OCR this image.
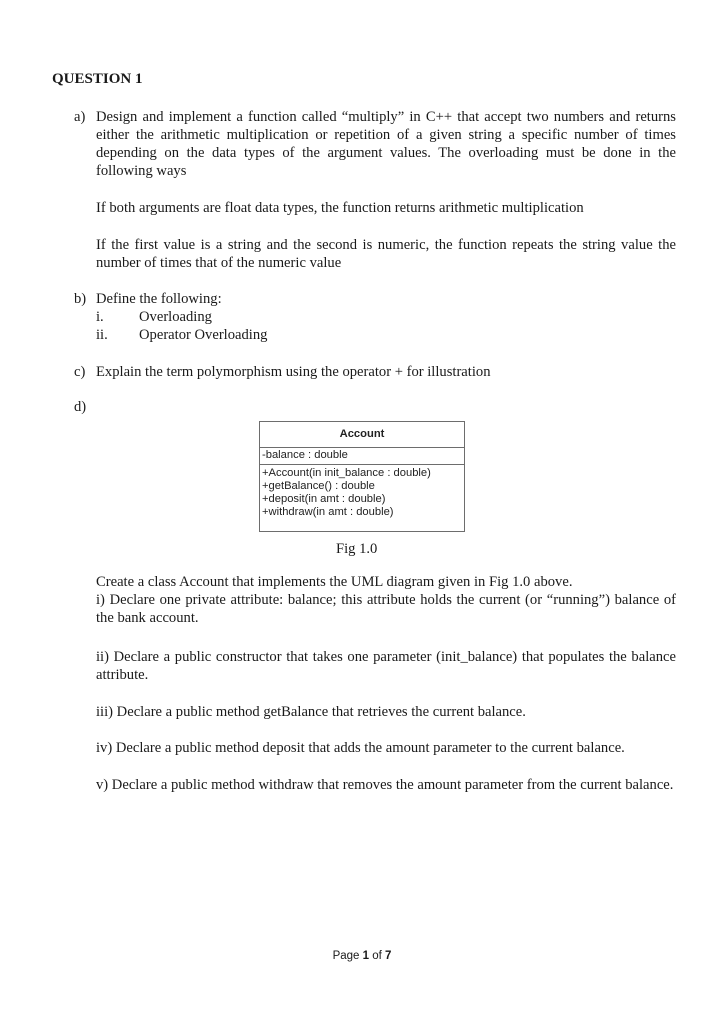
QUESTION 1
a) Design and implement a function called “multiply” in C++ that accept two numbers and returns either the arithmetic multiplication or repetition of a given string a specific number of times depending on the data types of the argument values. The overloading must be done in the following ways
If both arguments are float data types, the function returns arithmetic multiplication
If the first value is a string and the second is numeric, the function repeats the string value the number of times that of the numeric value
b) Define the following:
i. Overloading
ii. Operator Overloading
c) Explain the term polymorphism using the operator + for illustration
d)
Account
-balance : double
+Account(in init_balance : double)
+getBalance() : double
+deposit(in amt : double)
+withdraw(in amt : double)
Fig 1.0
Create a class Account that implements the UML diagram given in Fig 1.0 above.
i) Declare one private attribute: balance; this attribute holds the current (or “running”) balance of the bank account.
ii) Declare a public constructor that takes one parameter (init_balance) that populates the balance attribute.
iii) Declare a public method getBalance that retrieves the current balance.
iv) Declare a public method deposit that adds the amount parameter to the current balance.
v) Declare a public method withdraw that removes the amount parameter from the current balance.
Page 1 of 7
